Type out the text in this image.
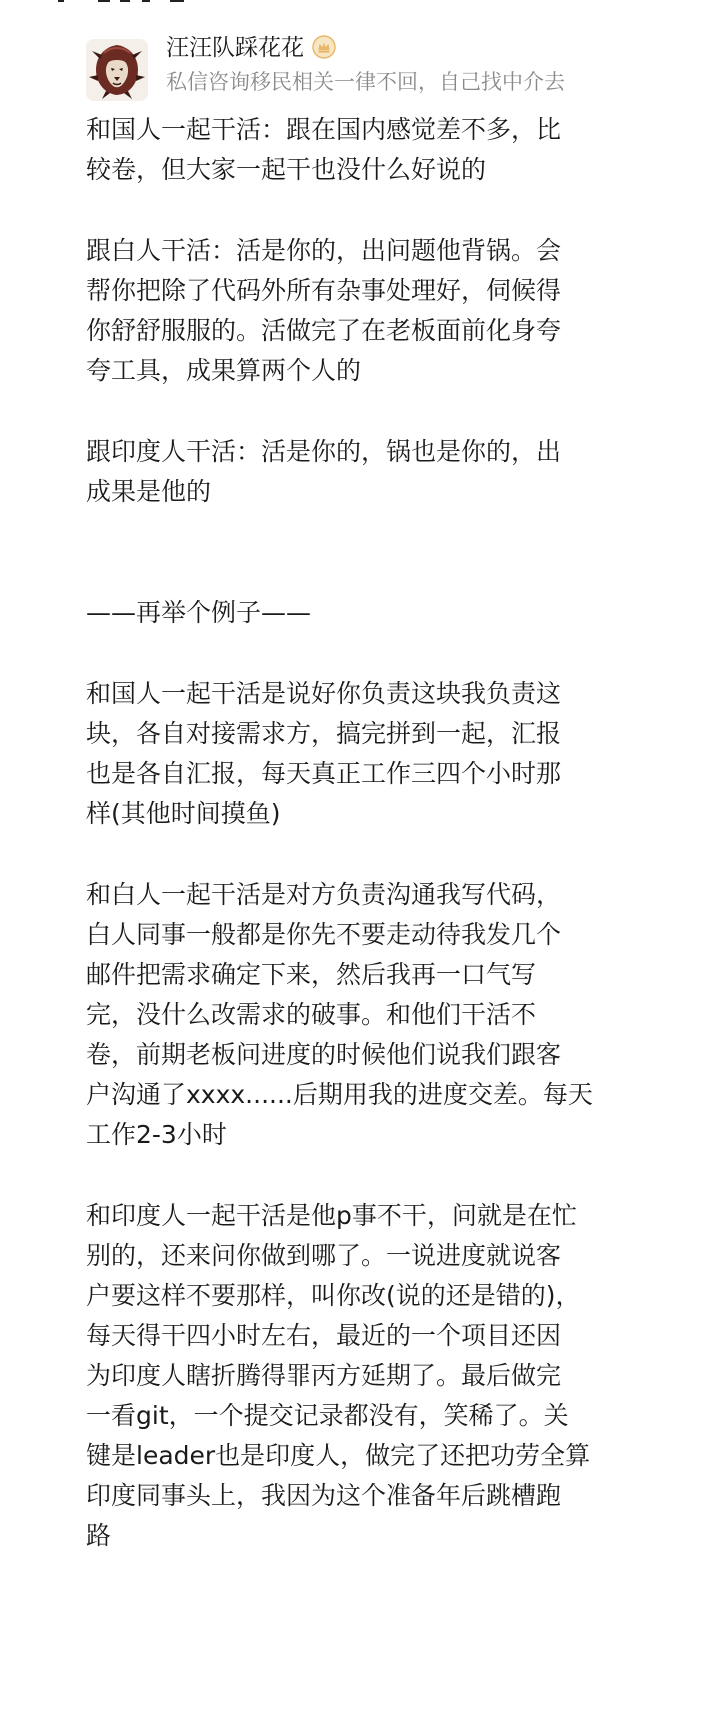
汪汪队踩花花
私信咨询移民相关一律不回，自己找中介去

和国人一起干活：跟在国内感觉差不多，比
较卷，但大家一起干也没什么好说的

跟白人干活：活是你的，出问题他背锅。会
帮你把除了代码外所有杂事处理好，伺候得
你舒舒服服的。活做完了在老板面前化身夸
夸工具，成果算两个人的

跟印度人干活：活是你的，锅也是你的，出
成果是他的

——再举个例子——

和国人一起干活是说好你负责这块我负责这
块，各自对接需求方，搞完拼到一起，汇报
也是各自汇报，每天真正工作三四个小时那
样(其他时间摸鱼)

和白人一起干活是对方负责沟通我写代码，
白人同事一般都是你先不要走动待我发几个
邮件把需求确定下来，然后我再一口气写
完，没什么改需求的破事。和他们干活不
卷，前期老板问进度的时候他们说我们跟客
户沟通了xxxx......后期用我的进度交差。每天
工作2-3小时

和印度人一起干活是他p事不干，问就是在忙
别的，还来问你做到哪了。一说进度就说客
户要这样不要那样，叫你改(说的还是错的)，
每天得干四小时左右，最近的一个项目还因
为印度人瞎折腾得罪丙方延期了。最后做完
一看git，一个提交记录都没有，笑稀了。关
键是leader也是印度人，做完了还把功劳全算
印度同事头上，我因为这个准备年后跳槽跑
路
